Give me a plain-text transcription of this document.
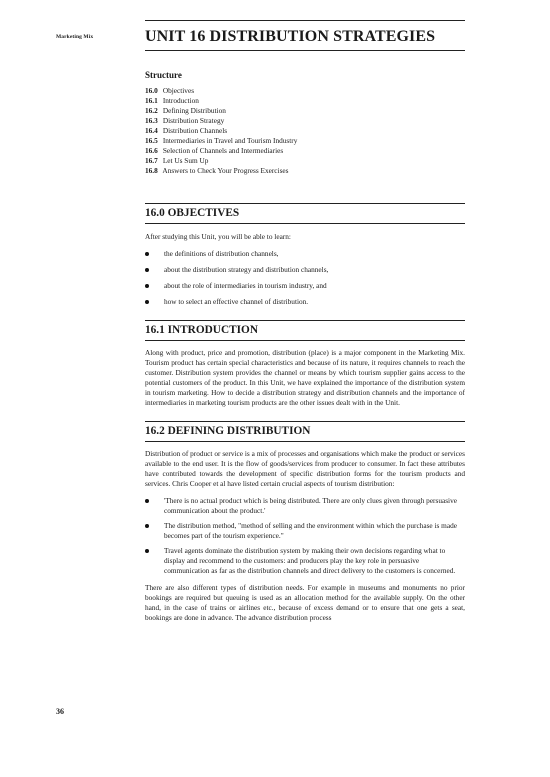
Marketing Mix
36
UNIT 16 DISTRIBUTION STRATEGIES
Structure
16.0 Objectives
16.1 Introduction
16.2 Defining Distribution
16.3 Distribution Strategy
16.4 Distribution Channels
16.5 Intermediaries in Travel and Tourism Industry
16.6 Selection of Channels and Intermediaries
16.7 Let Us Sum Up
16.8 Answers to Check Your Progress Exercises
16.0 OBJECTIVES

After studying this Unit, you will be able to learn:

the definitions of distribution channels,
about the distribution strategy and distribution channels,
about the role of intermediaries in tourism industry, and
how to select an effective channel of distribution.
16.1 INTRODUCTION

Along with product, price and promotion, distribution (place) is a major component in the Marketing Mix. Tourism product has certain special characteristics and because of its nature, it requires channels to reach the customer. Distribution system provides the channel or means by which tourism supplier gains access to the potential customers of the product. In this Unit, we have explained the importance of the distribution system in tourism marketing. How to decide a distribution strategy and distribution channels and the importance of intermediaries in marketing tourism products are the other issues dealt with in the Unit.

16.2 DEFINING DISTRIBUTION

Distribution of product or service is a mix of processes and organisations which make the product or services available to the end user. It is the flow of goods/services from producer to consumer. In fact these attributes have contributed towards the development of specific distribution forms for the tourism products and services. Chris Cooper et al have listed certain crucial aspects of tourism distribution:

'There is no actual product which is being distributed. There are only clues given through persuasive communication about the product.'
The distribution method, "method of selling and the environment within which the purchase is made becomes part of the tourism experience."
Travel agents dominate the distribution system by making their own decisions regarding what to display and recommend to the customers: and producers play the key role in persuasive communication as far as the distribution channels and direct delivery to the customers is concerned.

There are also different types of distribution needs. For example in museums and monuments no prior bookings are required but queuing is used as an allocation method for the available supply. On the other hand, in the case of trains or airlines etc., because of excess demand or to ensure that one gets a seat, bookings are done in advance. The advance distribution process
